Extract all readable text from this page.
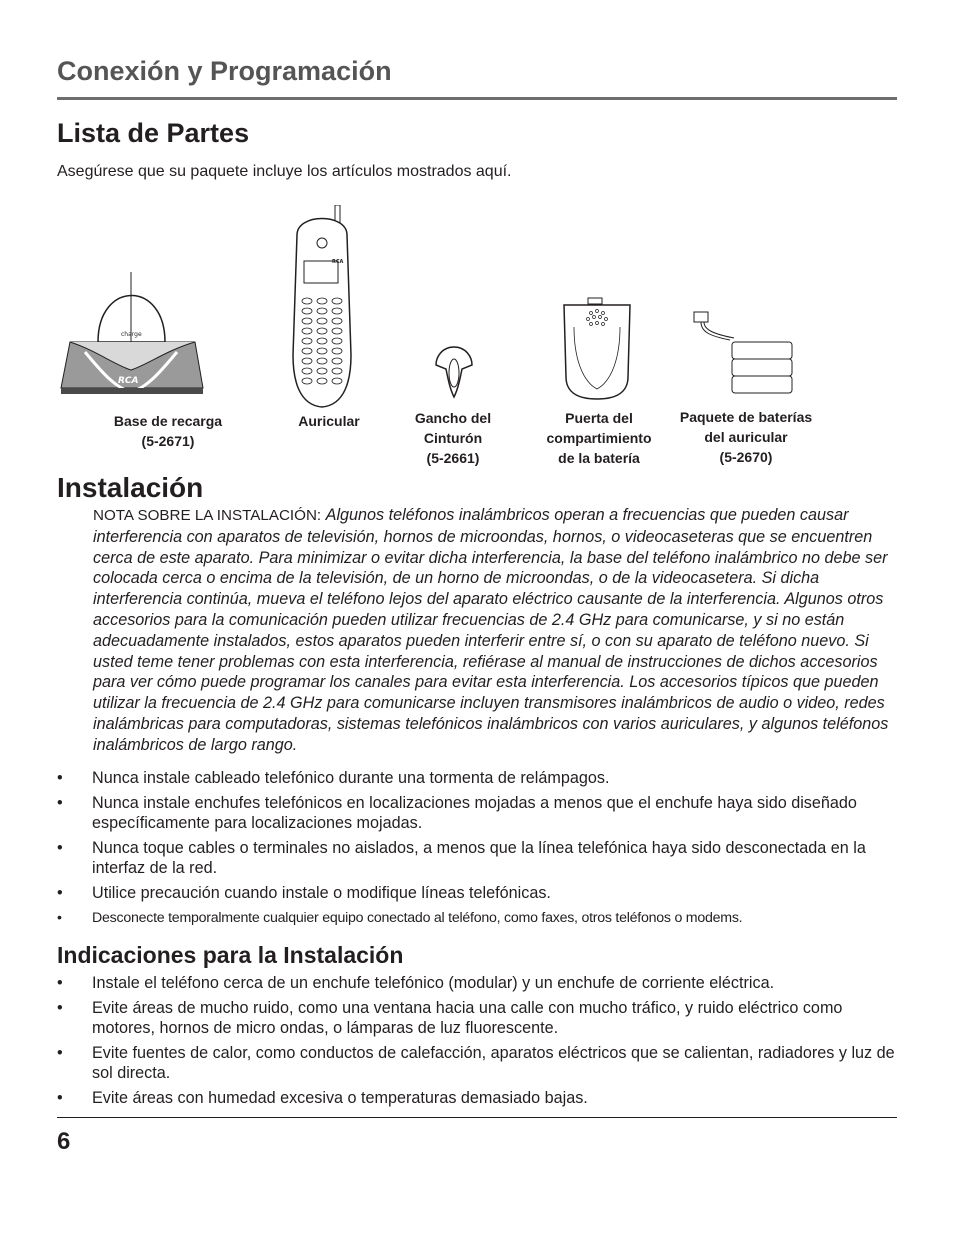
Conexión y Programación
Lista de Partes
Asegúrese que su paquete incluye los artículos mostrados aquí.
charge
RCA
Base de recarga
(5-2671)
RCA
Auricular	Gancho del
Cinturón
(5-2661)
Puerta del
compartimiento
de la batería
Paquete de baterías
del auricular
(5-2670)
Instalación
NOTA SOBRE LA INSTALACIÓN: Algunos teléfonos inalámbricos operan a frecuencias que pueden causar interferencia con aparatos de televisión, hornos de microondas, hornos, o videocaseteras que se encuentren cerca de este aparato. Para minimizar o evitar dicha interferencia, la base del teléfono inalámbrico no debe ser colocada cerca o encima de la televisión, de un horno de microondas, o de la videocasetera. Si dicha interferencia continúa, mueva el teléfono lejos del aparato eléctrico causante de la interferencia. Algunos otros accesorios para la comunicación pueden utilizar frecuencias de 2.4 GHz para comunicarse, y si no están adecuadamente instalados, estos aparatos pueden interferir entre sí, o con su aparato de teléfono nuevo. Si usted teme tener problemas con esta interferencia, refiérase al manual de instrucciones de dichos accesorios para ver cómo puede programar los canales para evitar esta interferencia. Los accesorios típicos que pueden utilizar la frecuencia de 2.4 GHz para comunicarse incluyen transmisores inalámbricos de audio o video, redes inalámbricas para computadoras, sistemas telefónicos inalámbricos con varios auriculares, y algunos teléfonos inalámbricos de largo rango.
• Nunca instale cableado telefónico durante una tormenta de relámpagos.
• Nunca instale enchufes telefónicos en localizaciones mojadas a menos que el enchufe haya sido diseñado específicamente para localizaciones mojadas.
• Nunca toque cables o terminales no aislados, a menos que la línea telefónica haya sido desconectada en la interfaz de la red.
• Utilice precaución cuando instale o modifique líneas telefónicas.
• Desconecte temporalmente cualquier equipo conectado al teléfono, como faxes, otros teléfonos o modems.
Indicaciones para la Instalación
• Instale el teléfono cerca de un enchufe telefónico (modular) y un enchufe de corriente eléctrica.
• Evite áreas de mucho ruido, como una ventana hacia una calle con mucho tráfico, y ruido eléctrico como motores, hornos de micro ondas, o lámparas de luz fluorescente.
• Evite fuentes de calor, como conductos de calefacción, aparatos eléctricos que se calientan, radiadores y luz de sol directa.
• Evite áreas con humedad excesiva o temperaturas demasiado bajas.
6
